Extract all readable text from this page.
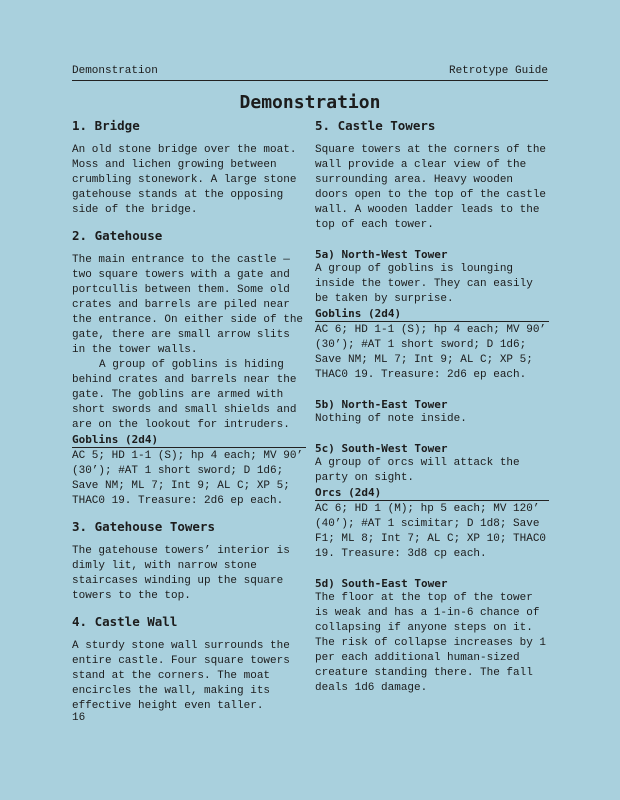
Demonstration	Retrotype Guide
Demonstration
1. Bridge

An old stone bridge over the moat. Moss and lichen growing between crumbling stonework. A large stone gatehouse stands at the opposing side of the bridge.

2. Gatehouse

The main entrance to the castle — two square towers with a gate and portcullis between them. Some old crates and barrels are piled near the entrance. On either side of the gate, there are small arrow slits in the tower walls.

A group of goblins is hiding behind crates and barrels near the gate. The goblins are armed with short swords and small shields and are on the lookout for intruders.

Goblins (2d4)

AC 5; HD 1-1 (S); hp 4 each; MV 90’ (30’); #AT 1 short sword; D 1d6; Save NM; ML 7; Int 9; AL C; XP 5; THAC0 19. Treasure: 2d6 ep each.

3. Gatehouse Towers

The gatehouse towers’ interior is dimly lit, with narrow stone staircases winding up the square towers to the top.

4. Castle Wall

A sturdy stone wall surrounds the entire castle. Four square towers stand at the corners. The moat encircles the wall, making its effective height even taller.

5. Castle Towers

Square towers at the corners of the wall provide a clear view of the surrounding area. Heavy wooden doors open to the top of the castle wall. A wooden ladder leads to the top of each tower.

5a) North-West Tower

A group of goblins is lounging inside the tower. They can easily be taken by surprise.

Goblins (2d4)

AC 6; HD 1-1 (S); hp 4 each; MV 90’ (30’); #AT 1 short sword; D 1d6; Save NM; ML 7; Int 9; AL C; XP 5; THAC0 19. Treasure: 2d6 ep each.

5b) North-East Tower

Nothing of note inside.

5c) South-West Tower

A group of orcs will attack the party on sight.

Orcs (2d4)

AC 6; HD 1 (M); hp 5 each; MV 120’ (40’); #AT 1 scimitar; D 1d8; Save F1; ML 8; Int 7; AL C; XP 10; THAC0 19. Treasure: 3d8 cp each.

5d) South-East Tower

The floor at the top of the tower is weak and has a 1-in-6 chance of collapsing if anyone steps on it. The risk of collapse increases by 1 per each additional human-sized creature standing there. The fall deals 1d6 damage.

16
